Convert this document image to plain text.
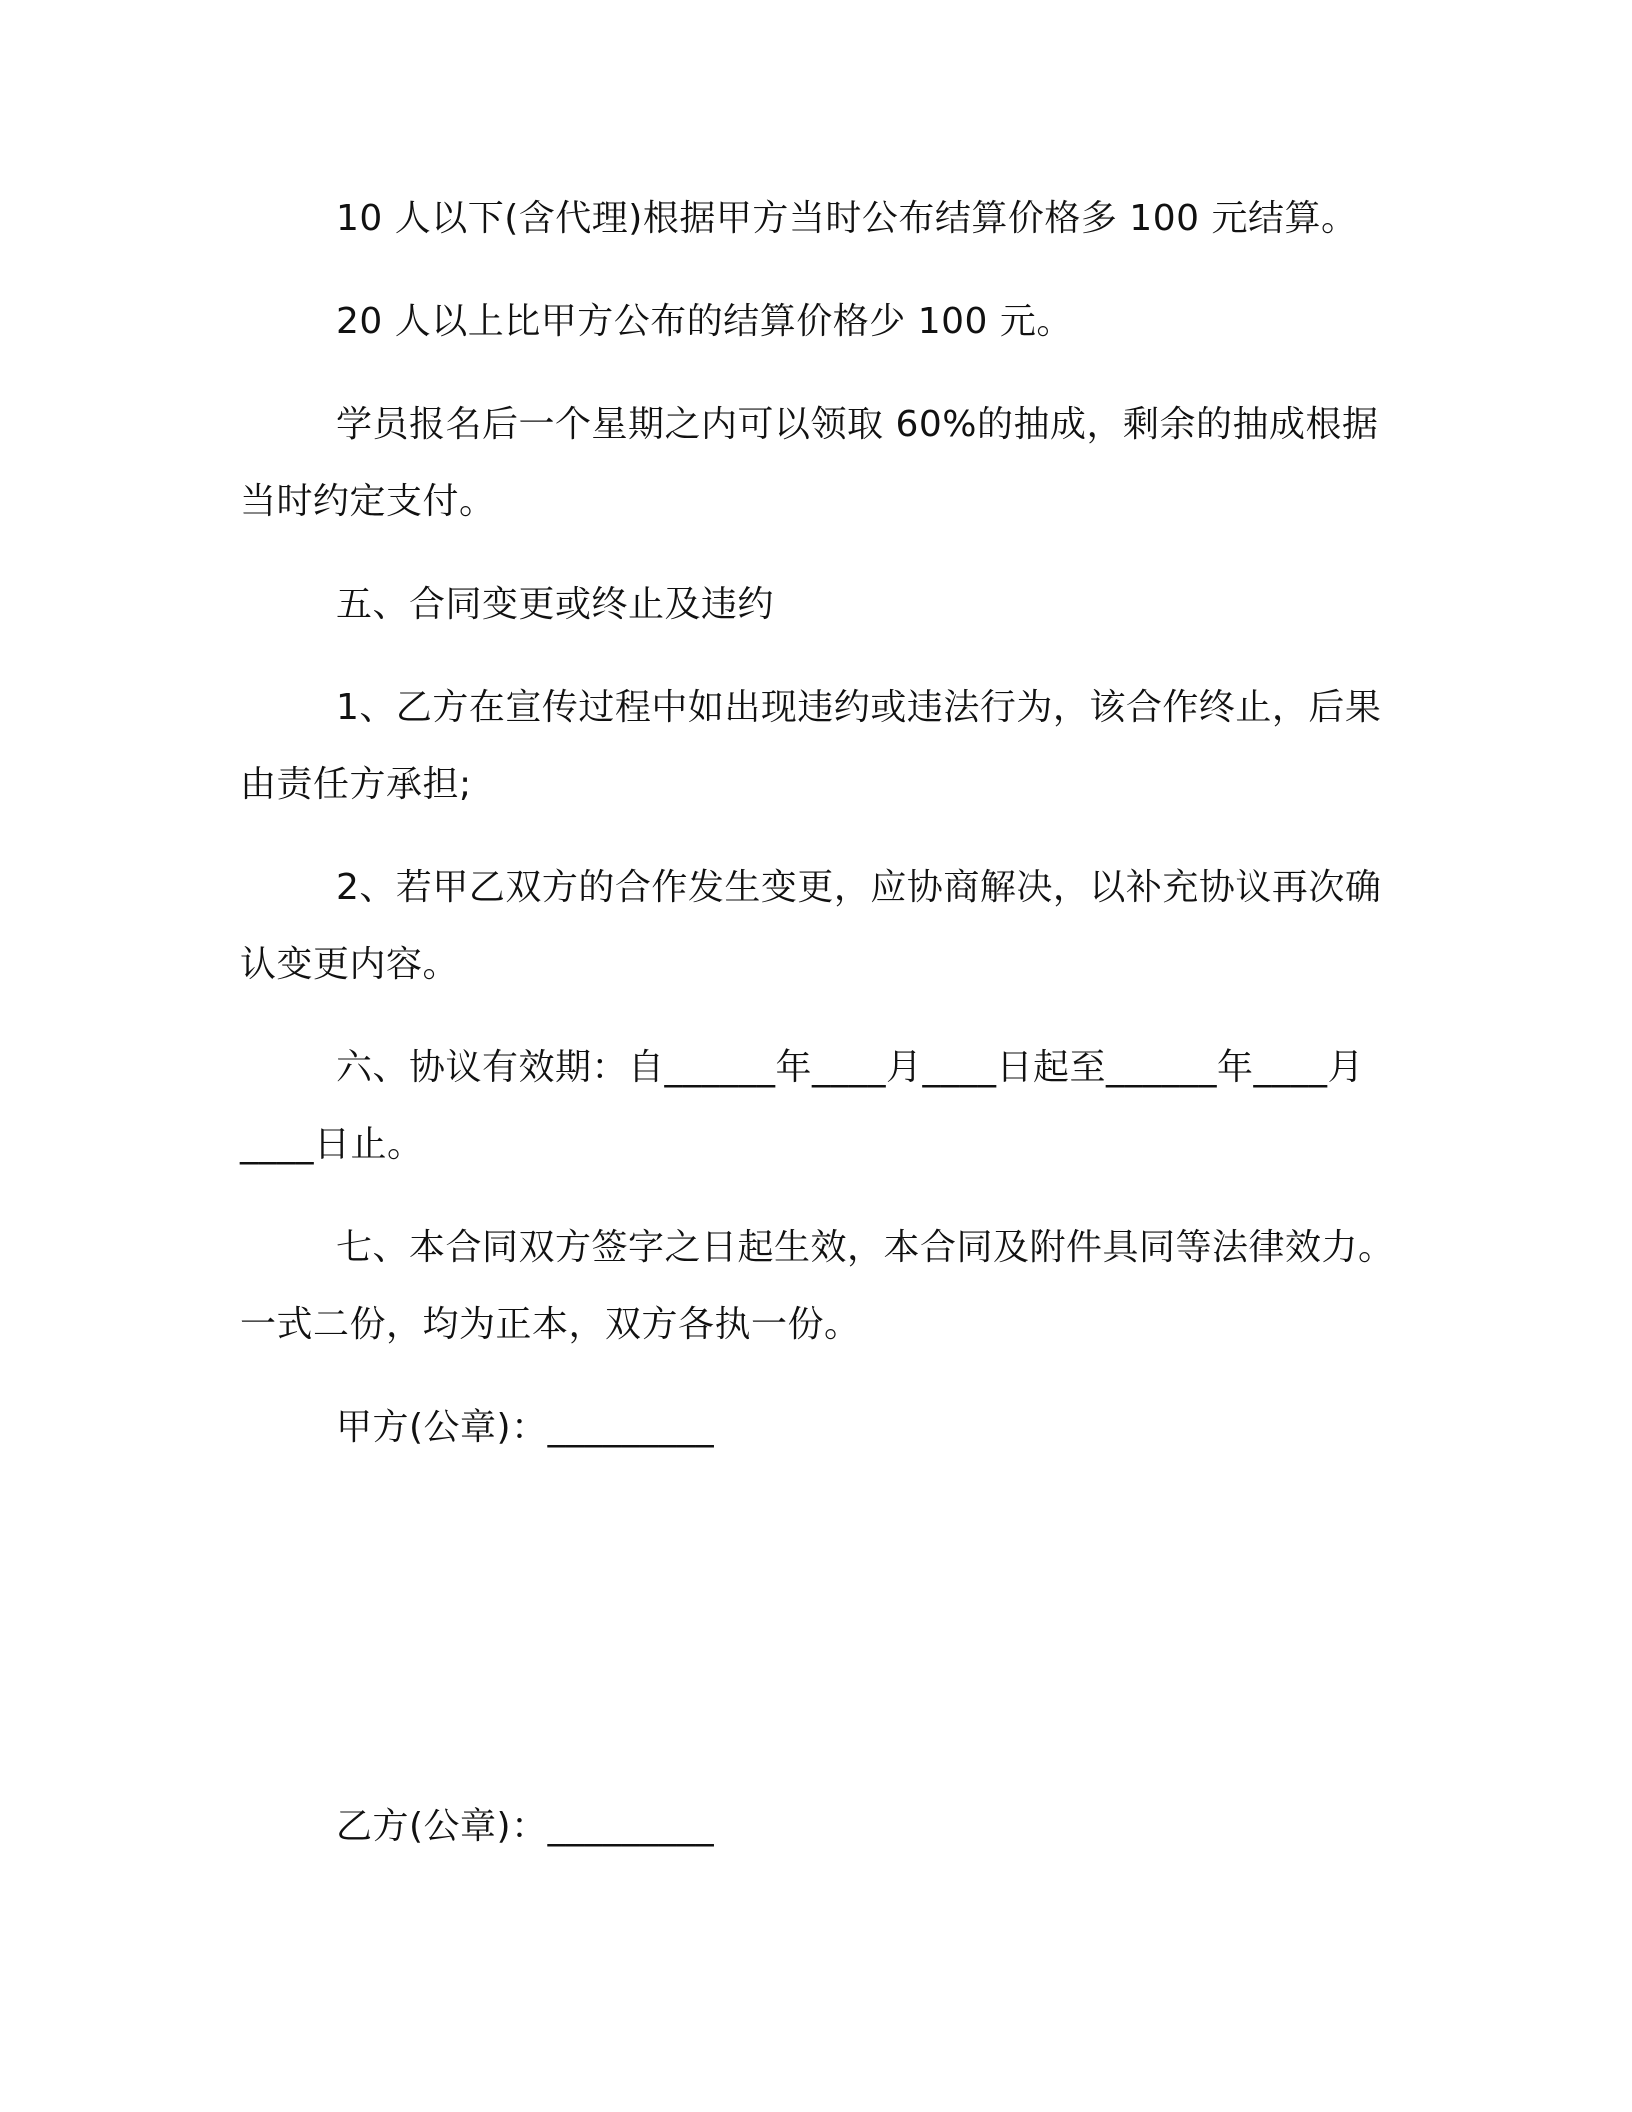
10 人以下(含代理)根据甲方当时公布结算价格多 100 元结算。

20 人以上比甲方公布的结算价格少 100 元。

学员报名后一个星期之内可以领取 60%的抽成，剩余的抽成根据当时约定支付。

五、合同变更或终止及违约

1、乙方在宣传过程中如出现违约或违法行为，该合作终止，后果由责任方承担;

2、若甲乙双方的合作发生变更，应协商解决，以补充协议再次确认变更内容。

六、协议有效期：自______年____月____日起至______年____月____日止。

七、本合同双方签字之日起生效，本合同及附件具同等法律效力。一式二份，均为正本，双方各执一份。

甲方(公章)：_________

乙方(公章)：_________
